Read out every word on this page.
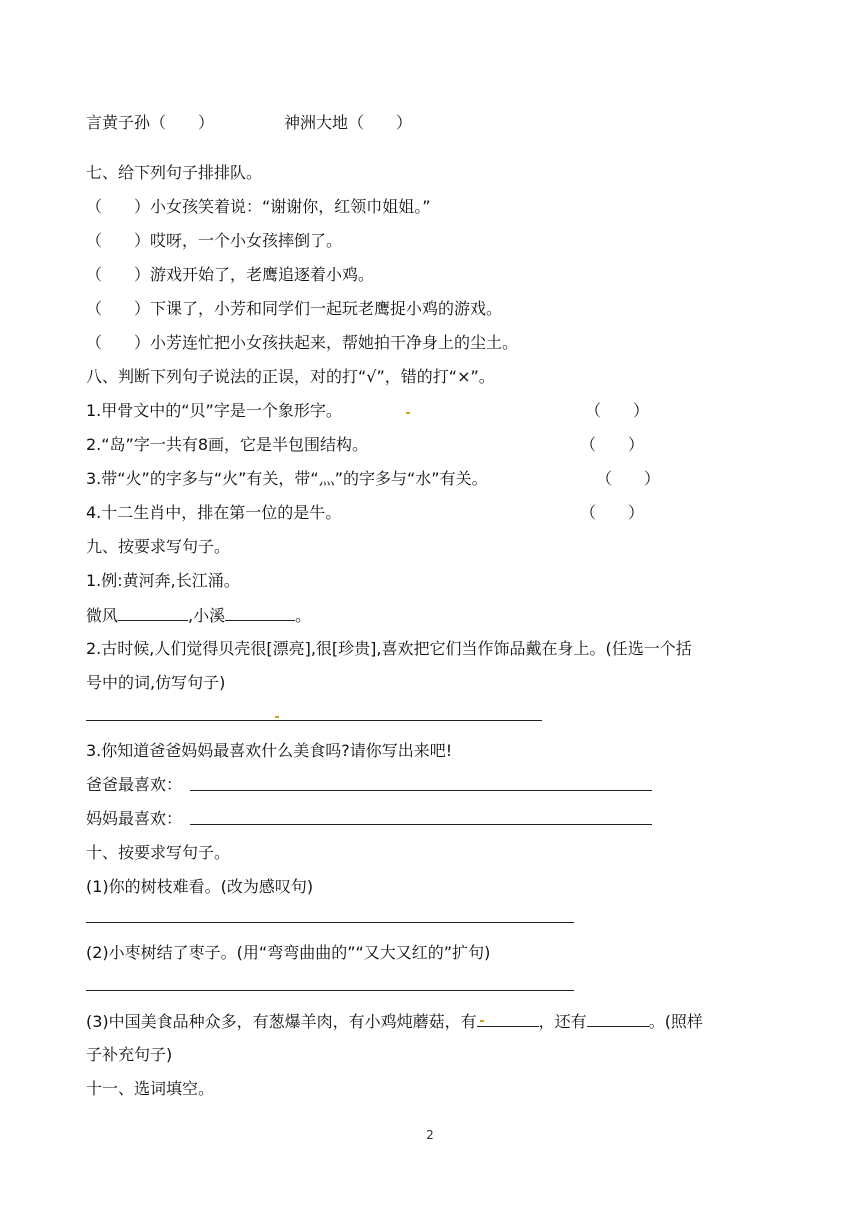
言黄子孙（　　）	神洲大地（　　）
七、给下列句子排排队。
（　　）小女孩笑着说：“谢谢你，红领巾姐姐。”
（　　）哎呀，一个小女孩摔倒了。
（　　）游戏开始了，老鹰追逐着小鸡。
（　　）下课了，小芳和同学们一起玩老鹰捉小鸡的游戏。
（　　）小芳连忙把小女孩扶起来，帮她拍干净身上的尘土。
八、判断下列句子说法的正误，对的打“√”，错的打“×”。
1.甲骨文中的“贝”字是一个象形字。	（　　）
2.“岛”字一共有8画，它是半包围结构。	（　　）
3.带“火”的字多与“火”有关，带“灬”的字多与“水”有关。	（　　）
4.十二生肖中，排在第一位的是牛。	（　　）
九、按要求写句子。
1.例:黄河奔,长江涌。
微风	,小溪	。
2.古时候,人们觉得贝壳很[漂亮],很[珍贵],喜欢把它们当作饰品戴在身上。(任选一个括
号中的词,仿写句子)
3.你知道爸爸妈妈最喜欢什么美食吗?请你写出来吧!
爸爸最喜欢：
妈妈最喜欢：
十、按要求写句子。
(1)你的树枝难看。(改为感叹句)
(2)小枣树结了枣子。(用“弯弯曲曲的”“又大又红的”扩句)
(3)中国美食品种众多，有葱爆羊肉，有小鸡炖蘑菇，有	，还有	。(照样
子补充句子)
十一、选词填空。
2
